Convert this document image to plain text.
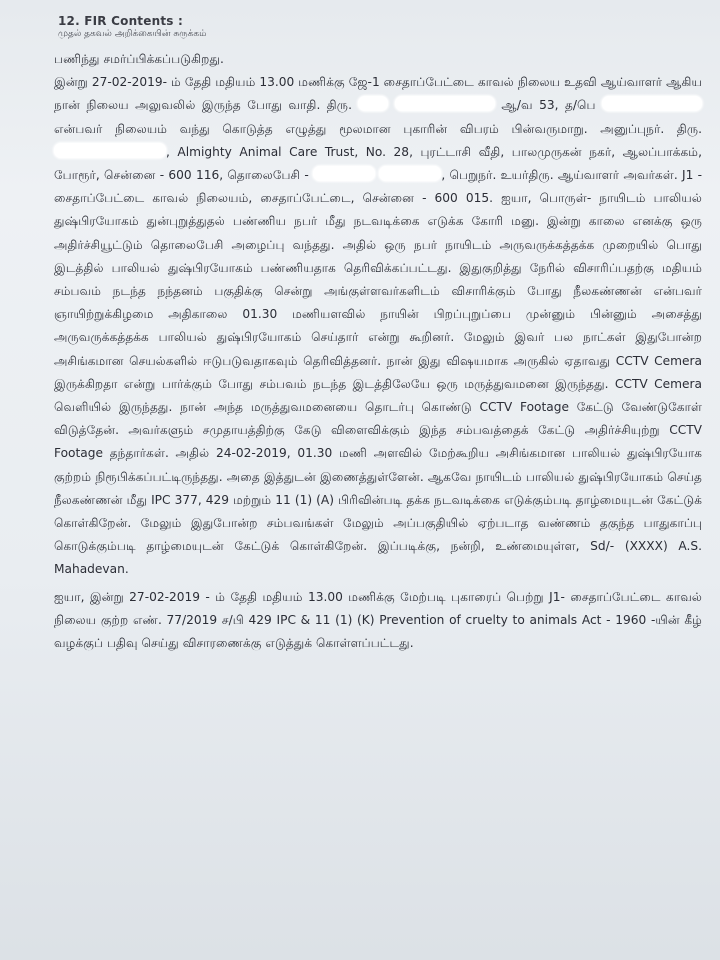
12. FIR Contents :
முதல் தகவல் அறிக்கையின் சுருக்கம்

பணிந்து சமர்ப்பிக்கப்படுகிறது.
இன்று 27-02-2019- ம் தேதி மதியம் 13.00 மணிக்கு ஜே-1 சைதாப்பேட்டை காவல் நிலைய உதவி ஆய்வாளர் ஆகிய நான் நிலைய அலுவலில் இருந்த போது வாதி. திரு.	ஆ/வ 53, த/பெ  என்பவர் நிலையம் வந்து கொடுத்த எழுத்து மூலமான புகாரின் விபரம் பின்வருமாறு. அனுப்புநர். திரு. , Almighty Animal Care Trust, No. 28, புரட்டாசி வீதி, பாலமுருகன் நகர், ஆலப்பாக்கம், போரூர், சென்னை - 600 116, தொலைபேசி -	, பெறுநர். உயர்திரு. ஆய்வாளர் அவர்கள். J1 - சைதாப்பேட்டை காவல் நிலையம், சைதாப்பேட்டை, சென்னை - 600 015. ஐயா, பொருள்- நாயிடம் பாலியல் துஷ்பிரயோகம் துன்புறுத்துதல் பண்ணிய நபர் மீது நடவடிக்கை எடுக்க கோரி மனு. இன்று காலை எனக்கு ஒரு அதிர்ச்சியூட்டும் தொலைபேசி அழைப்பு வந்தது. அதில் ஒரு நபர் நாயிடம் அருவருக்கத்தக்க முறையில் பொது இடத்தில் பாலியல் துஷ்பிரயோகம் பண்ணியதாக தெரிவிக்கப்பட்டது. இதுகுறித்து நேரில் விசாரிப்பதற்கு மதியம் சம்பவம் நடந்த நந்தனம் பகுதிக்கு சென்று அங்குள்ளவர்களிடம் விசாரிக்கும் போது நீலகண்ணன் என்பவர் ஞாயிற்றுக்கிழமை அதிகாலை 01.30 மணியளவில் நாயின் பிறப்புறுப்பை முன்னும் பின்னும் அசைத்து அருவருக்கத்தக்க பாலியல் துஷ்பிரயோகம் செய்தார் என்று கூறினர். மேலும் இவர் பல நாட்கள் இதுபோன்ற அசிங்கமான செயல்களில் ஈடுபடுவதாகவும் தெரிவித்தனர். நான் இது விஷயமாக அருகில் ஏதாவது CCTV Cemera இருக்கிறதா என்று பார்க்கும் போது சம்பவம் நடந்த இடத்திலேயே ஒரு மருத்துவமனை இருந்தது. CCTV Cemera வெளியில் இருந்தது. நான் அந்த மருத்துவமனையை தொடர்பு கொண்டு CCTV Footage கேட்டு வேண்டுகோள் விடுத்தேன். அவர்களும் சமுதாயத்திற்கு கேடு விளைவிக்கும் இந்த சம்பவத்தைக் கேட்டு அதிர்ச்சியுற்று CCTV Footage தந்தார்கள். அதில் 24-02-2019, 01.30 மணி அளவில் மேற்கூறிய அசிங்கமான பாலியல் துஷ்பிரயோக குற்றம் நிரூபிக்கப்பட்டிருந்தது. அதை இத்துடன் இணைத்துள்ளேன். ஆகவே நாயிடம் பாலியல் துஷ்பிரயோகம் செய்த நீலகண்ணன் மீது IPC 377, 429 மற்றும் 11 (1) (A) பிரிவின்படி தக்க நடவடிக்கை எடுக்கும்படி தாழ்மையுடன் கேட்டுக் கொள்கிறேன். மேலும் இதுபோன்ற சம்பவங்கள் மேலும் அப்பகுதியில் ஏற்படாத வண்ணம் தகுந்த பாதுகாப்பு கொடுக்கும்படி தாழ்மையுடன் கேட்டுக் கொள்கிறேன். இப்படிக்கு, நன்றி, உண்மையுள்ள, Sd/- (XXXX) A.S. Mahadevan.

ஐயா, இன்று 27-02-2019 - ம் தேதி மதியம் 13.00 மணிக்கு மேற்படி புகாரைப் பெற்று J1- சைதாப்பேட்டை காவல் நிலைய குற்ற எண். 77/2019 ச/பி 429 IPC & 11 (1) (K) Prevention of cruelty to animals Act - 1960 -யின் கீழ் வழக்குப் பதிவு செய்து விசாரணைக்கு எடுத்துக் கொள்ளப்பட்டது.
